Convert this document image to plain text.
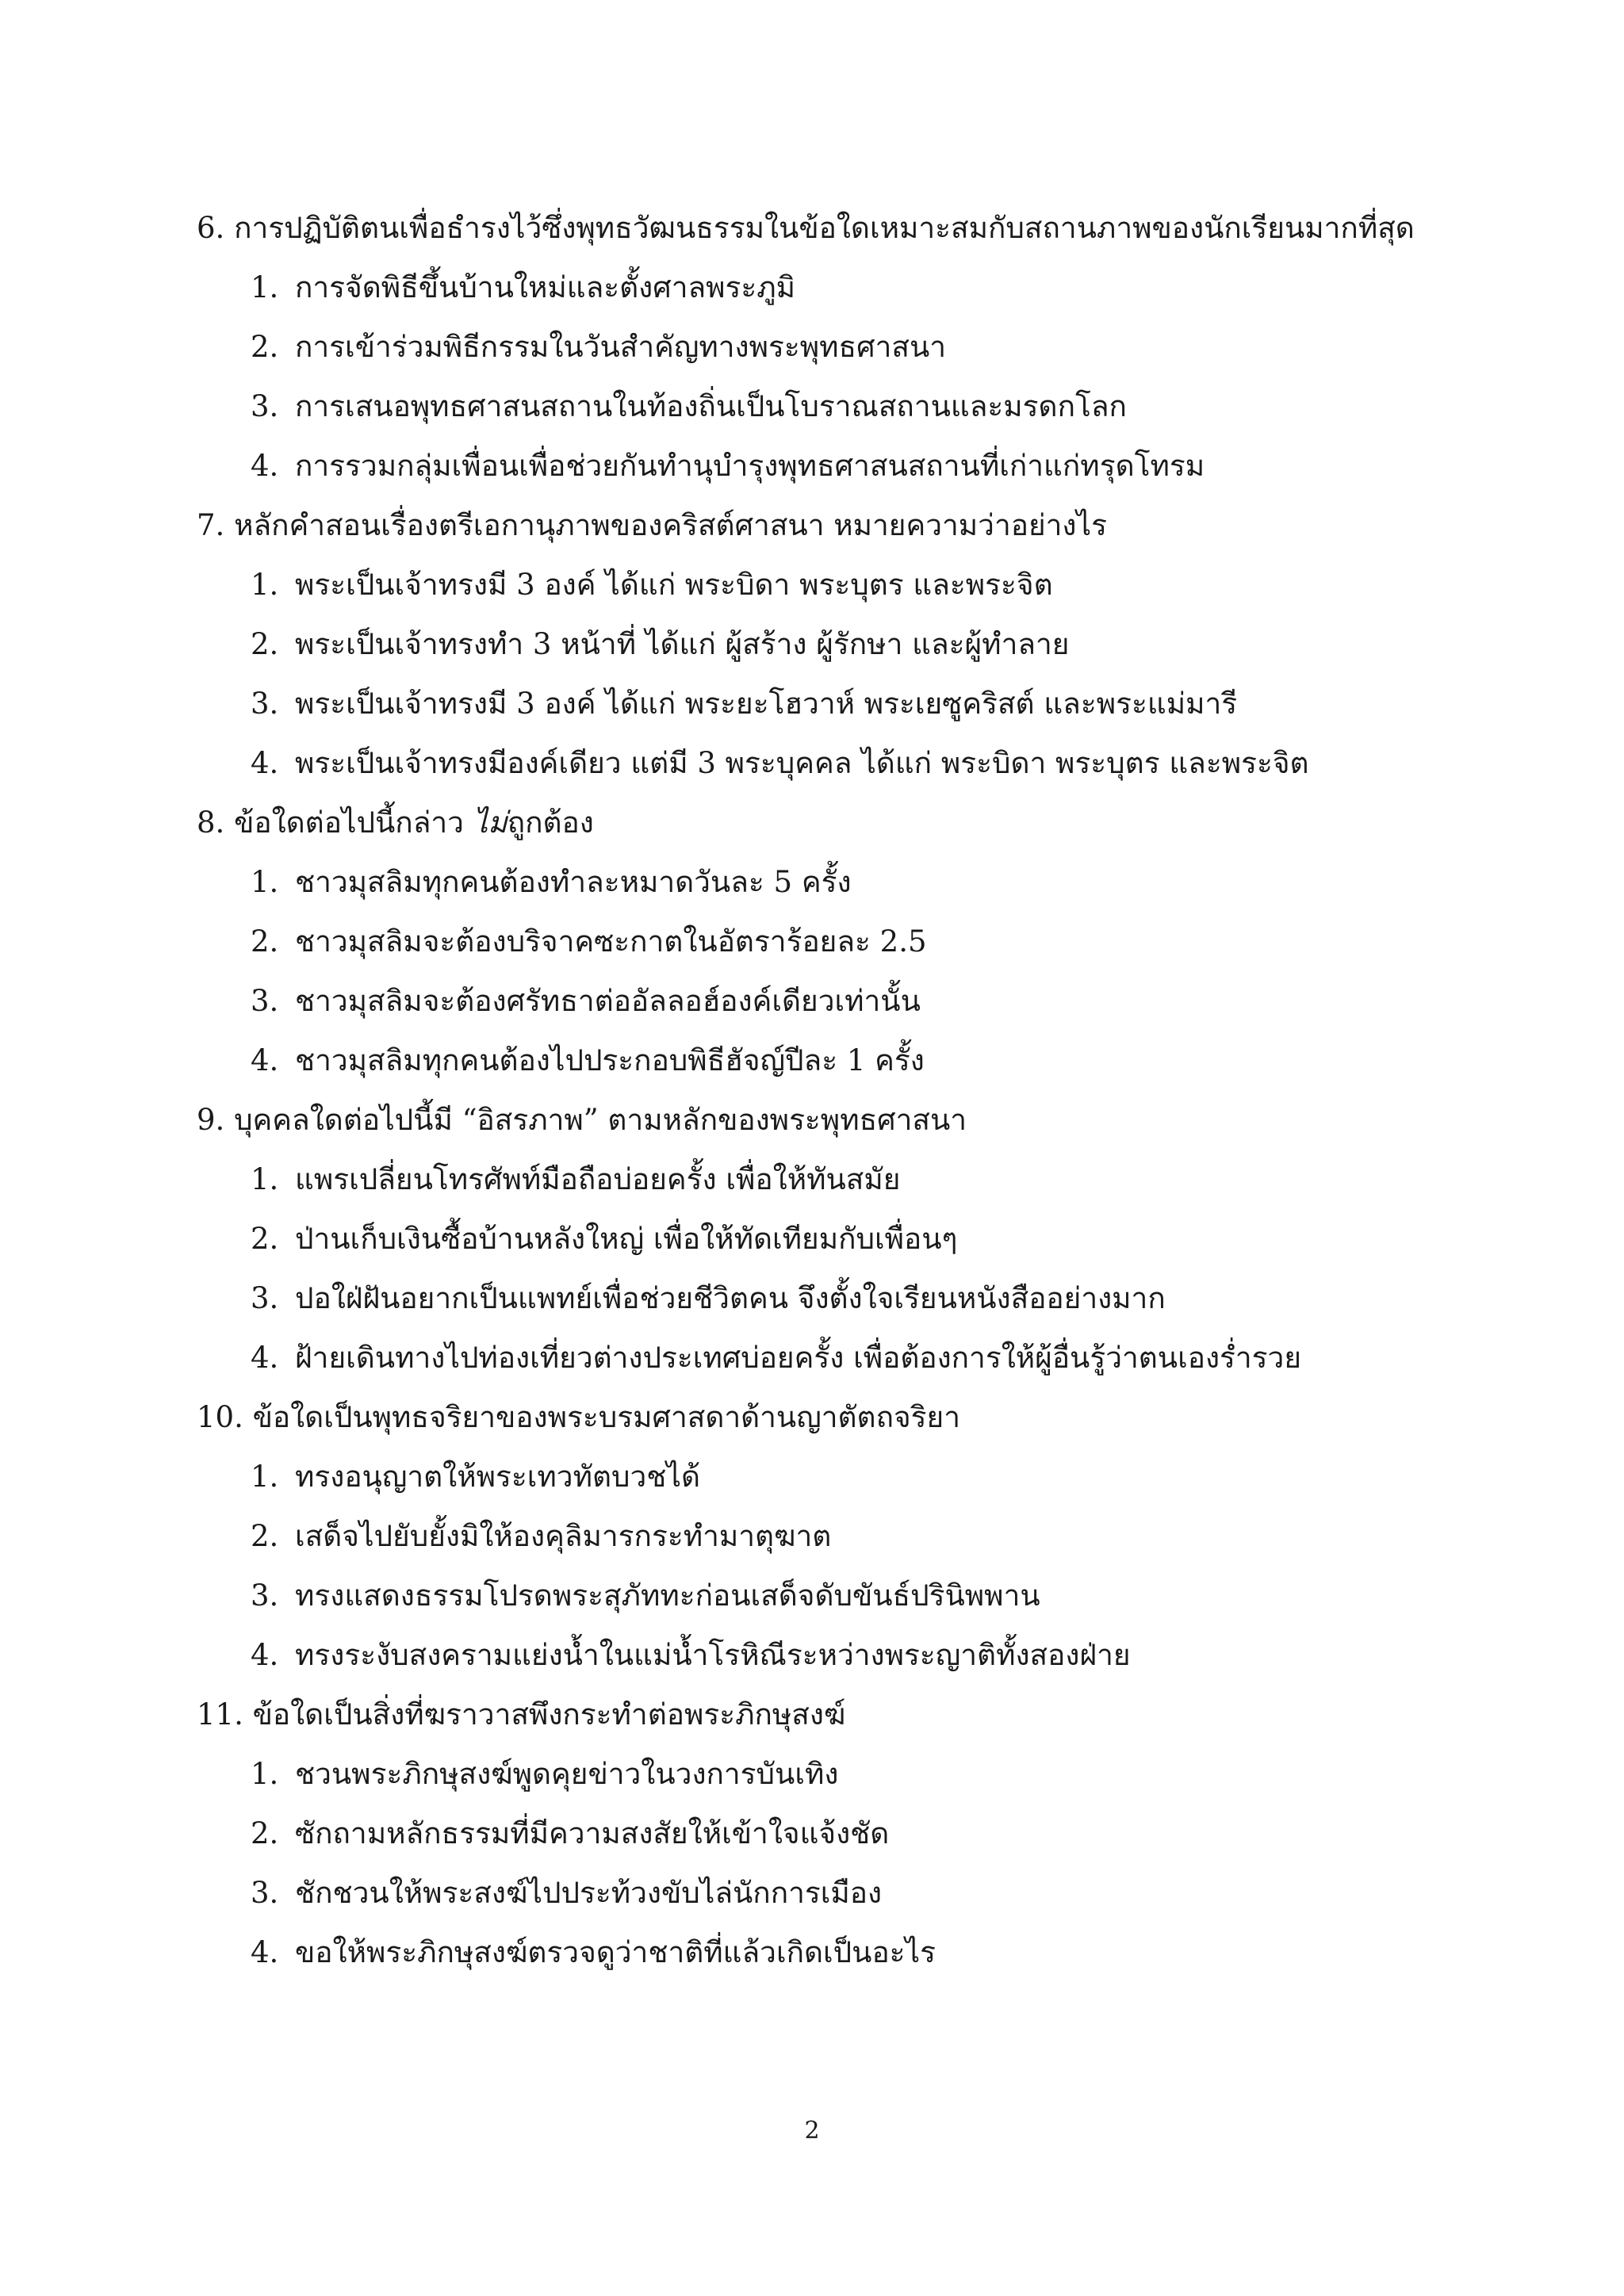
6. การปฏิบัติตนเพื่อธำรงไว้ซึ่งพุทธวัฒนธรรมในข้อใดเหมาะสมกับสถานภาพของนักเรียนมากที่สุด
1. การจัดพิธีขึ้นบ้านใหม่และตั้งศาลพระภูมิ
2. การเข้าร่วมพิธีกรรมในวันสำคัญทางพระพุทธศาสนา
3. การเสนอพุทธศาสนสถานในท้องถิ่นเป็นโบราณสถานและมรดกโลก
4. การรวมกลุ่มเพื่อนเพื่อช่วยกันทำนุบำรุงพุทธศาสนสถานที่เก่าแก่ทรุดโทรม
7. หลักคำสอนเรื่องตรีเอกานุภาพของคริสต์ศาสนา หมายความว่าอย่างไร
1. พระเป็นเจ้าทรงมี 3 องค์ ได้แก่ พระบิดา พระบุตร และพระจิต
2. พระเป็นเจ้าทรงทำ 3 หน้าที่ ได้แก่ ผู้สร้าง ผู้รักษา และผู้ทำลาย
3. พระเป็นเจ้าทรงมี 3 องค์ ได้แก่ พระยะโฮวาห์ พระเยซูคริสต์ และพระแม่มารี
4. พระเป็นเจ้าทรงมีองค์เดียว แต่มี 3 พระบุคคล ได้แก่ พระบิดา พระบุตร และพระจิต
8. ข้อใดต่อไปนี้กล่าว ไม่ถูกต้อง
1. ชาวมุสลิมทุกคนต้องทำละหมาดวันละ 5 ครั้ง
2. ชาวมุสลิมจะต้องบริจาคซะกาตในอัตราร้อยละ 2.5
3. ชาวมุสลิมจะต้องศรัทธาต่ออัลลอฮ์องค์เดียวเท่านั้น
4. ชาวมุสลิมทุกคนต้องไปประกอบพิธีฮัจญ์ปีละ 1 ครั้ง
9. บุคคลใดต่อไปนี้มี “อิสรภาพ” ตามหลักของพระพุทธศาสนา
1. แพรเปลี่ยนโทรศัพท์มือถือบ่อยครั้ง เพื่อให้ทันสมัย
2. ป่านเก็บเงินซื้อบ้านหลังใหญ่ เพื่อให้ทัดเทียมกับเพื่อนๆ
3. ปอใฝ่ฝันอยากเป็นแพทย์เพื่อช่วยชีวิตคน จึงตั้งใจเรียนหนังสืออย่างมาก
4. ฝ้ายเดินทางไปท่องเที่ยวต่างประเทศบ่อยครั้ง เพื่อต้องการให้ผู้อื่นรู้ว่าตนเองร่ำรวย
10. ข้อใดเป็นพุทธจริยาของพระบรมศาสดาด้านญาตัตถจริยา
1. ทรงอนุญาตให้พระเทวทัตบวชได้
2. เสด็จไปยับยั้งมิให้องคุลิมารกระทำมาตุฆาต
3. ทรงแสดงธรรมโปรดพระสุภัททะก่อนเสด็จดับขันธ์ปรินิพพาน
4. ทรงระงับสงครามแย่งน้ำในแม่น้ำโรหิณีระหว่างพระญาติทั้งสองฝ่าย
11. ข้อใดเป็นสิ่งที่ฆราวาสพึงกระทำต่อพระภิกษุสงฆ์
1. ชวนพระภิกษุสงฆ์พูดคุยข่าวในวงการบันเทิง
2. ซักถามหลักธรรมที่มีความสงสัยให้เข้าใจแจ้งชัด
3. ชักชวนให้พระสงฆ์ไปประท้วงขับไล่นักการเมือง
4. ขอให้พระภิกษุสงฆ์ตรวจดูว่าชาติที่แล้วเกิดเป็นอะไร
2
